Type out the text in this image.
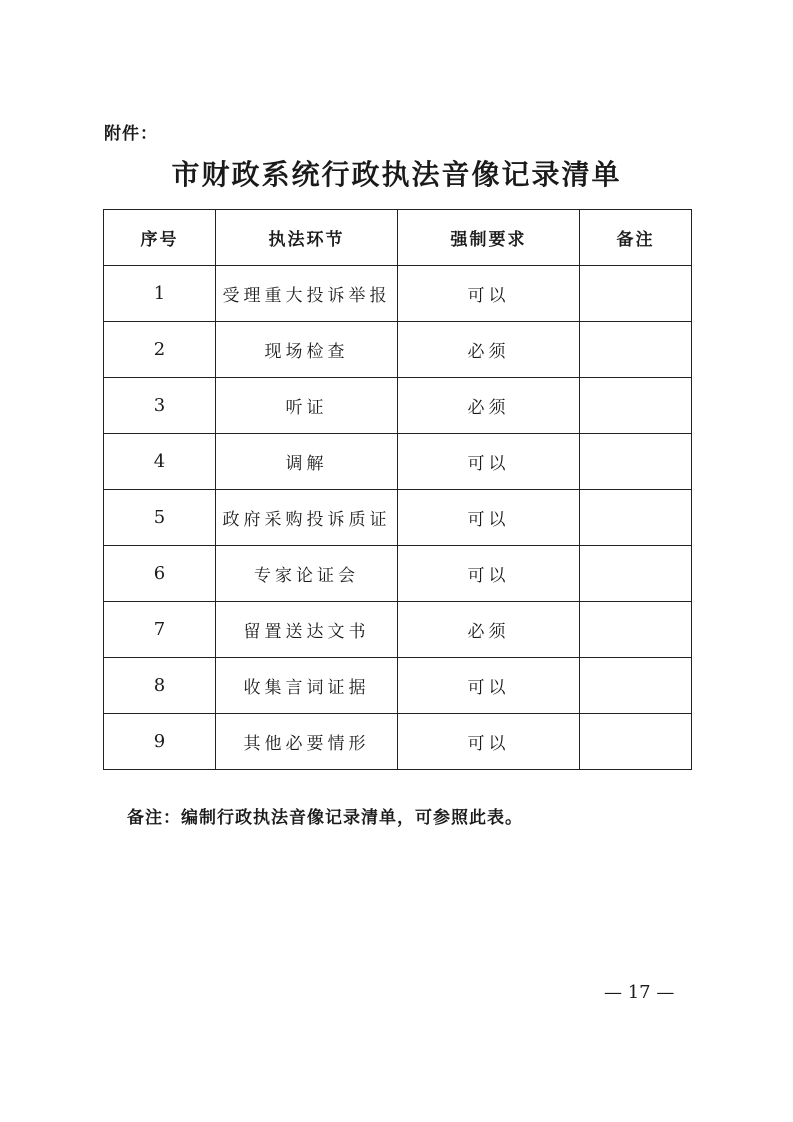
附件：
市财政系统行政执法音像记录清单
序号	执法环节	强制要求	备注
1	受理重大投诉举报	可以	
2	现场检查	必须	
3	听证	必须	
4	调解	可以	
5	政府采购投诉质证	可以	
6	专家论证会	可以	
7	留置送达文书	必须	
8	收集言词证据	可以	
9	其他必要情形	可以	
备注：编制行政执法音像记录清单，可参照此表。
— 17 —
